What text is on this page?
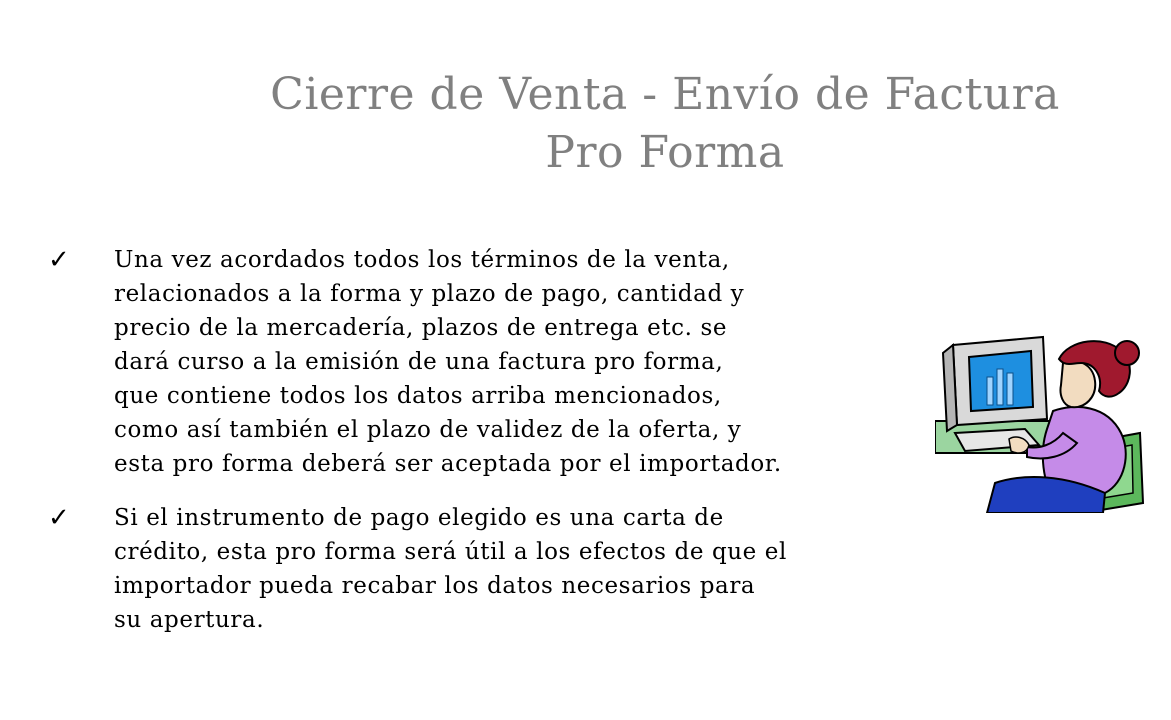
Cierre de Venta - Envío de Factura
Pro Forma
✓ Una vez acordados todos los términos de la venta,
relacionados a la forma y plazo de pago, cantidad y
precio de la mercadería, plazos de entrega etc. se
dará curso a la emisión de una factura pro forma,
que contiene todos los datos arriba mencionados,
como así también el plazo de validez de la oferta, y
esta pro forma deberá ser aceptada por el importador.
✓ Si el instrumento de pago elegido es una carta de
crédito, esta pro forma será útil a los efectos de que el
importador pueda recabar los datos necesarios para
su apertura.
